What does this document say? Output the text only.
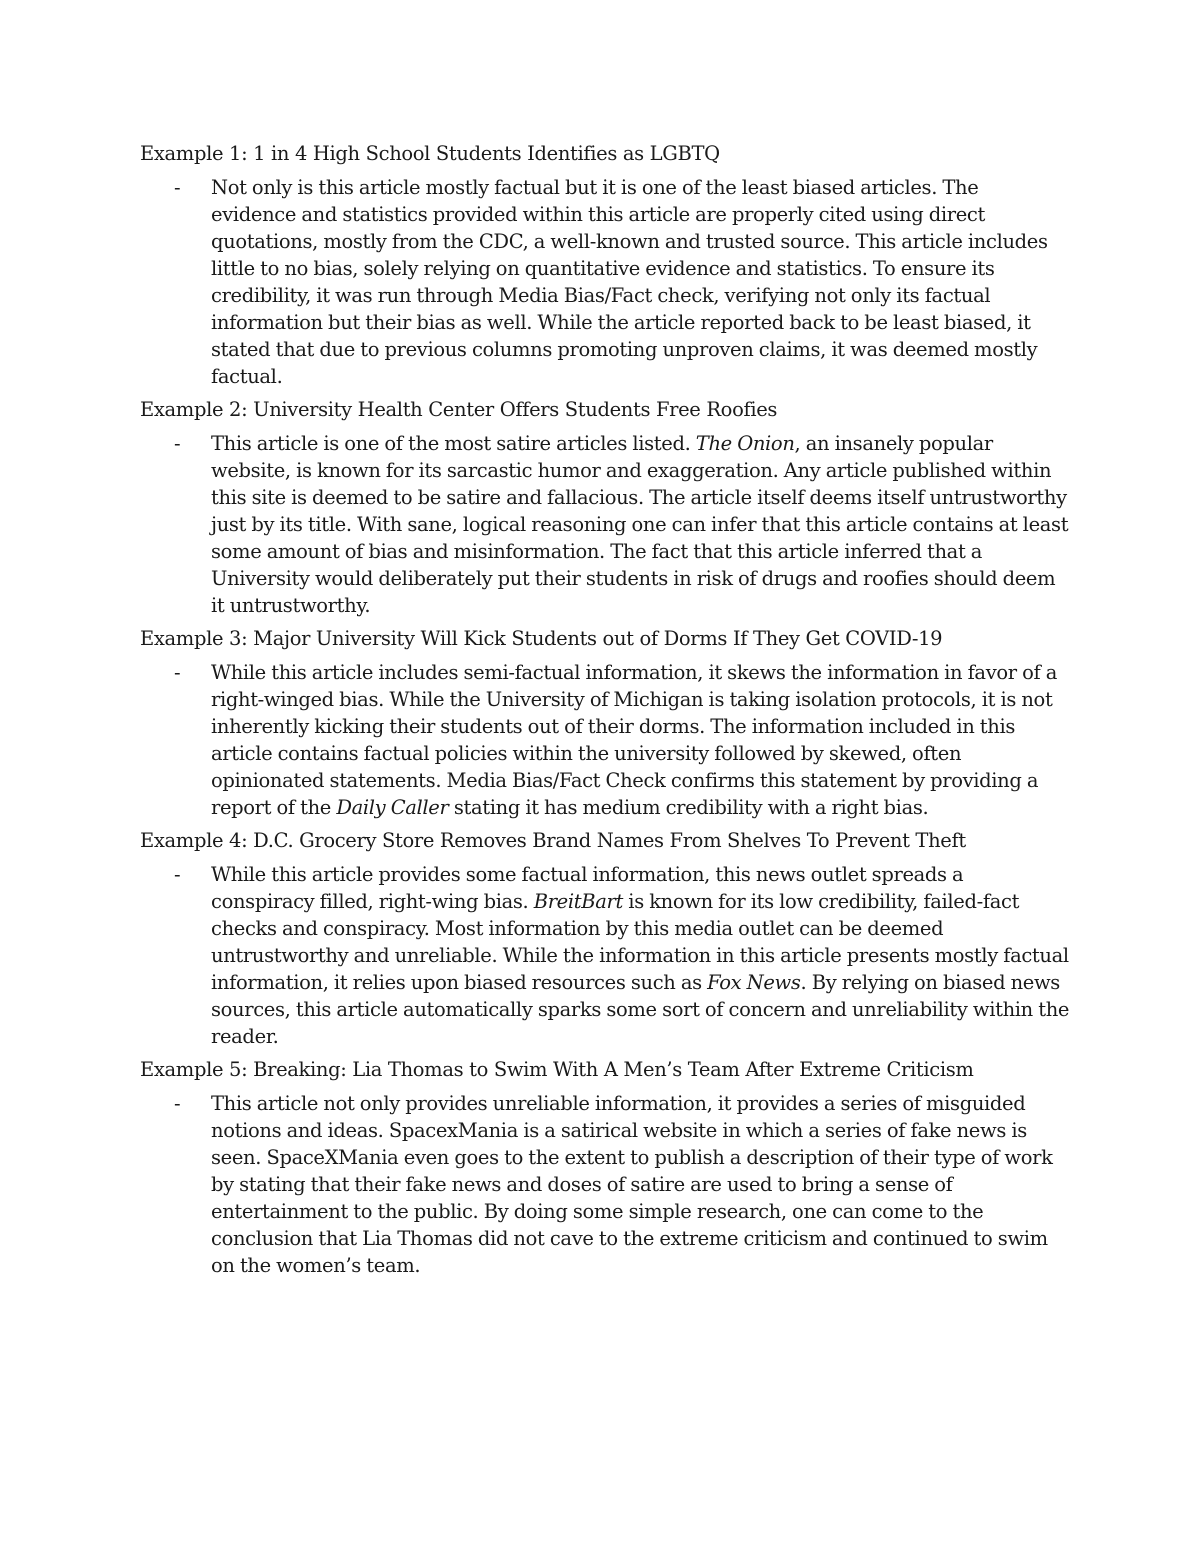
Example 1: 1 in 4 High School Students Identifies as LGBTQ
- Not only is this article mostly factual but it is one of the least biased articles. The
evidence and statistics provided within this article are properly cited using direct
quotations, mostly from the CDC, a well-known and trusted source. This article includes
little to no bias, solely relying on quantitative evidence and statistics. To ensure its
credibility, it was run through Media Bias/Fact check, verifying not only its factual
information but their bias as well. While the article reported back to be least biased, it
stated that due to previous columns promoting unproven claims, it was deemed mostly
factual.
Example 2: University Health Center Offers Students Free Roofies
- This article is one of the most satire articles listed. The Onion, an insanely popular
website, is known for its sarcastic humor and exaggeration. Any article published within
this site is deemed to be satire and fallacious. The article itself deems itself untrustworthy
just by its title. With sane, logical reasoning one can infer that this article contains at least
some amount of bias and misinformation. The fact that this article inferred that a
University would deliberately put their students in risk of drugs and roofies should deem
it untrustworthy.
Example 3: Major University Will Kick Students out of Dorms If They Get COVID-19
- While this article includes semi-factual information, it skews the information in favor of a
right-winged bias. While the University of Michigan is taking isolation protocols, it is not
inherently kicking their students out of their dorms. The information included in this
article contains factual policies within the university followed by skewed, often
opinionated statements. Media Bias/Fact Check confirms this statement by providing a
report of the Daily Caller stating it has medium credibility with a right bias.
Example 4: D.C. Grocery Store Removes Brand Names From Shelves To Prevent Theft
- While this article provides some factual information, this news outlet spreads a
conspiracy filled, right-wing bias. BreitBart is known for its low credibility, failed-fact
checks and conspiracy. Most information by this media outlet can be deemed
untrustworthy and unreliable. While the information in this article presents mostly factual
information, it relies upon biased resources such as Fox News. By relying on biased news
sources, this article automatically sparks some sort of concern and unreliability within the
reader.
Example 5: Breaking: Lia Thomas to Swim With A Men’s Team After Extreme Criticism
- This article not only provides unreliable information, it provides a series of misguided
notions and ideas. SpacexMania is a satirical website in which a series of fake news is
seen. SpaceXMania even goes to the extent to publish a description of their type of work
by stating that their fake news and doses of satire are used to bring a sense of
entertainment to the public. By doing some simple research, one can come to the
conclusion that Lia Thomas did not cave to the extreme criticism and continued to swim
on the women’s team.
